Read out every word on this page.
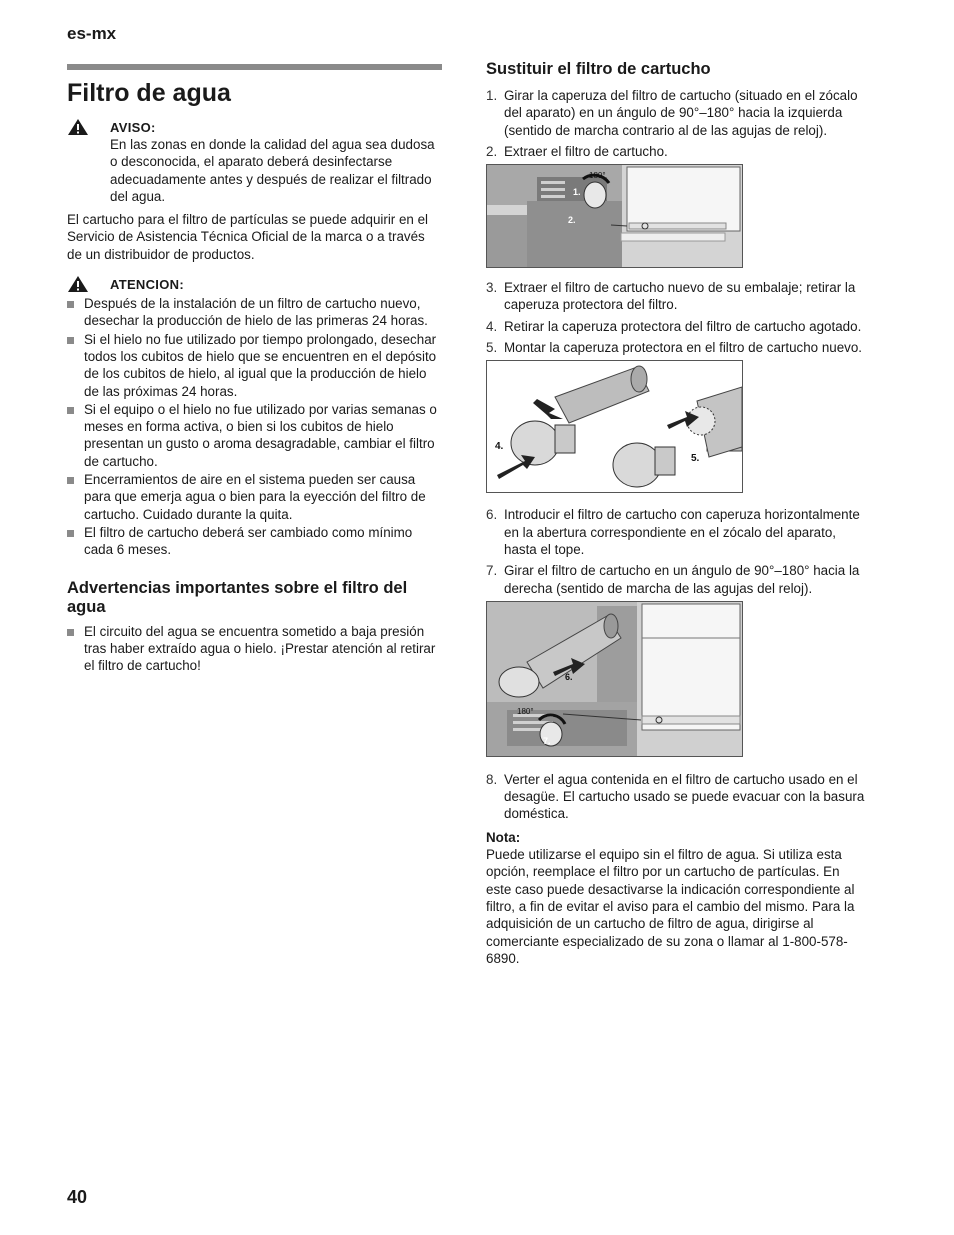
es-mx
Filtro de agua
AVISO:

En las zonas en donde la calidad del agua sea dudosa o desconocida, el aparato deberá desinfectarse adecuadamente antes y después de realizar el filtrado del agua.

El cartucho para el filtro de partículas se puede adquirir en el Servicio de Asistencia Técnica Oficial de la marca o a través de un distribuidor de productos.

ATENCION:
Después de la instalación de un filtro de cartucho nuevo, desechar la producción de hielo de las primeras 24 horas.
Si el hielo no fue utilizado por tiempo prolongado, desechar todos los cubitos de hielo que se encuentren en el depósito de los cubitos de hielo, al igual que la producción de hielo de las próximas 24 horas.
Si el equipo o el hielo no fue utilizado por varias semanas o meses en forma activa, o bien si los cubitos de hielo presentan un gusto o aroma desagradable, cambiar el filtro de cartucho.
Encerramientos de aire en el sistema pueden ser causa para que emerja agua o bien para la eyección del filtro de cartucho. Cuidado durante la quita.
El filtro de cartucho deberá ser cambiado como mínimo cada 6 meses.
Advertencias importantes sobre el filtro del agua
El circuito del agua se encuentra sometido a baja presión tras haber extraído agua o hielo. ¡Prestar atención al retirar el filtro de cartucho!
Sustituir el filtro de cartucho
1. Girar la caperuza del filtro de cartucho (situado en el zócalo del aparato) en un ángulo de 90°–180° hacia la izquierda (sentido de marcha contrario al de las agujas de reloj).
2. Extraer el filtro de cartucho.
180°
1.
2.
3. Extraer el filtro de cartucho nuevo de su embalaje; retirar la caperuza protectora del filtro.
4. Retirar la caperuza protectora del filtro de cartucho agotado.
5. Montar la caperuza protectora en el filtro de cartucho nuevo.
4.
5.
6. Introducir el filtro de cartucho con caperuza horizontalmente en la abertura correspondiente en el zócalo del aparato, hasta el tope.
7. Girar el filtro de cartucho en un ángulo de 90°–180° hacia la derecha (sentido de marcha de las agujas del reloj).
6.
180°
7.
8. Verter el agua contenida en el filtro de cartucho usado en el desagüe. El cartucho usado se puede evacuar con la basura doméstica.
Nota:

Puede utilizarse el equipo sin el filtro de agua. Si utiliza esta opción, reemplace el filtro por un cartucho de partículas. En este caso puede desactivarse la indicación correspondiente al filtro, a fin de evitar el aviso para el cambio del mismo. Para la adquisición de un cartucho de filtro de agua, dirigirse al comerciante especializado de su zona o llamar al 1-800-578-6890.

40
